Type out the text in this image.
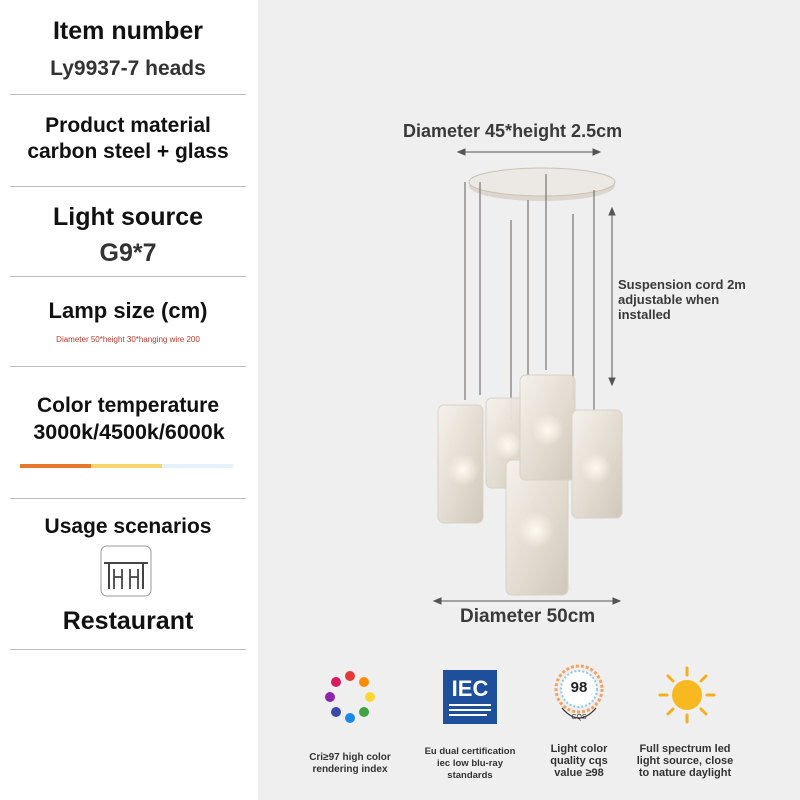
Item number
Ly9937-7 heads
Product material
carbon steel + glass
Light source
G9*7
Lamp size (cm)
Diameter 50*height 30*hanging wire 200
Color temperature
3000k/4500k/6000k
Usage scenarios
Restaurant
Diameter 45*height 2.5cm
Suspension cord 2m
adjustable when
installed
Diameter 50cm
IEC	98
CQS
Cri≥97 high color
rendering index
Eu dual certification
iec low blu-ray
standards
Light color
quality cqs
value ≥98
Full spectrum led
light source, close
to nature daylight
